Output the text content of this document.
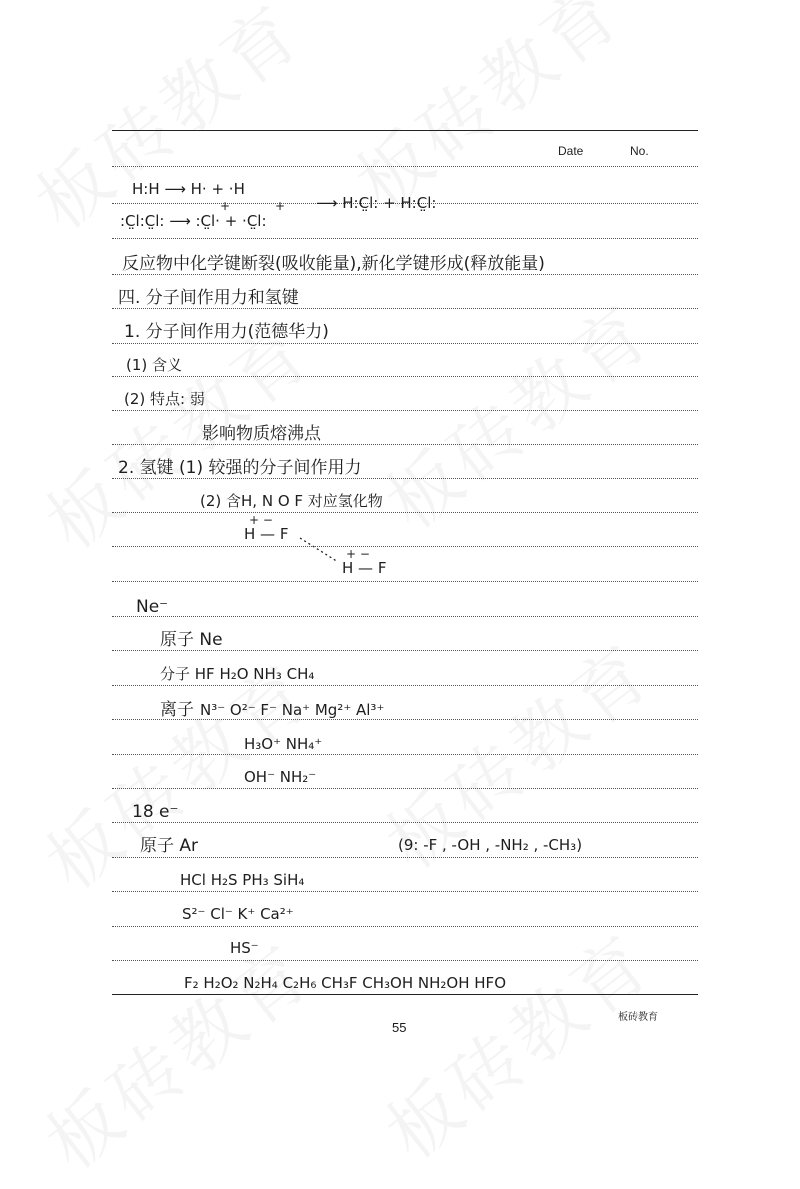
Date	No.
H:H ⟶ H· + ·H
+	+
:C̤l:C̤l: ⟶ :C̤l· + ·C̤l:
⟶ H:C̤l: + H:C̤l:
反应物中化学键断裂(吸收能量),新化学键形成(释放能量)
四. 分子间作用力和氢键
1. 分子间作用力(范德华力)
(1) 含义
(2) 特点: 弱
影响物质熔沸点
2. 氢键 (1) 较强的分子间作用力
(2) 含H, N O F 对应氢化物
+ −
H — F
+ −
H — F
Ne⁻
原子 Ne
分子 HF H₂O NH₃ CH₄
离子 N³⁻ O²⁻ F⁻ Na⁺ Mg²⁺ Al³⁺
H₃O⁺ NH₄⁺
OH⁻ NH₂⁻
18 e⁻
原子 Ar	(9: -F , -OH , -NH₂ , -CH₃)
HCl H₂S PH₃ SiH₄
S²⁻ Cl⁻ K⁺ Ca²⁺
HS⁻
F₂ H₂O₂ N₂H₄ C₂H₆ CH₃F CH₃OH NH₂OH HFO
板砖教育
55
